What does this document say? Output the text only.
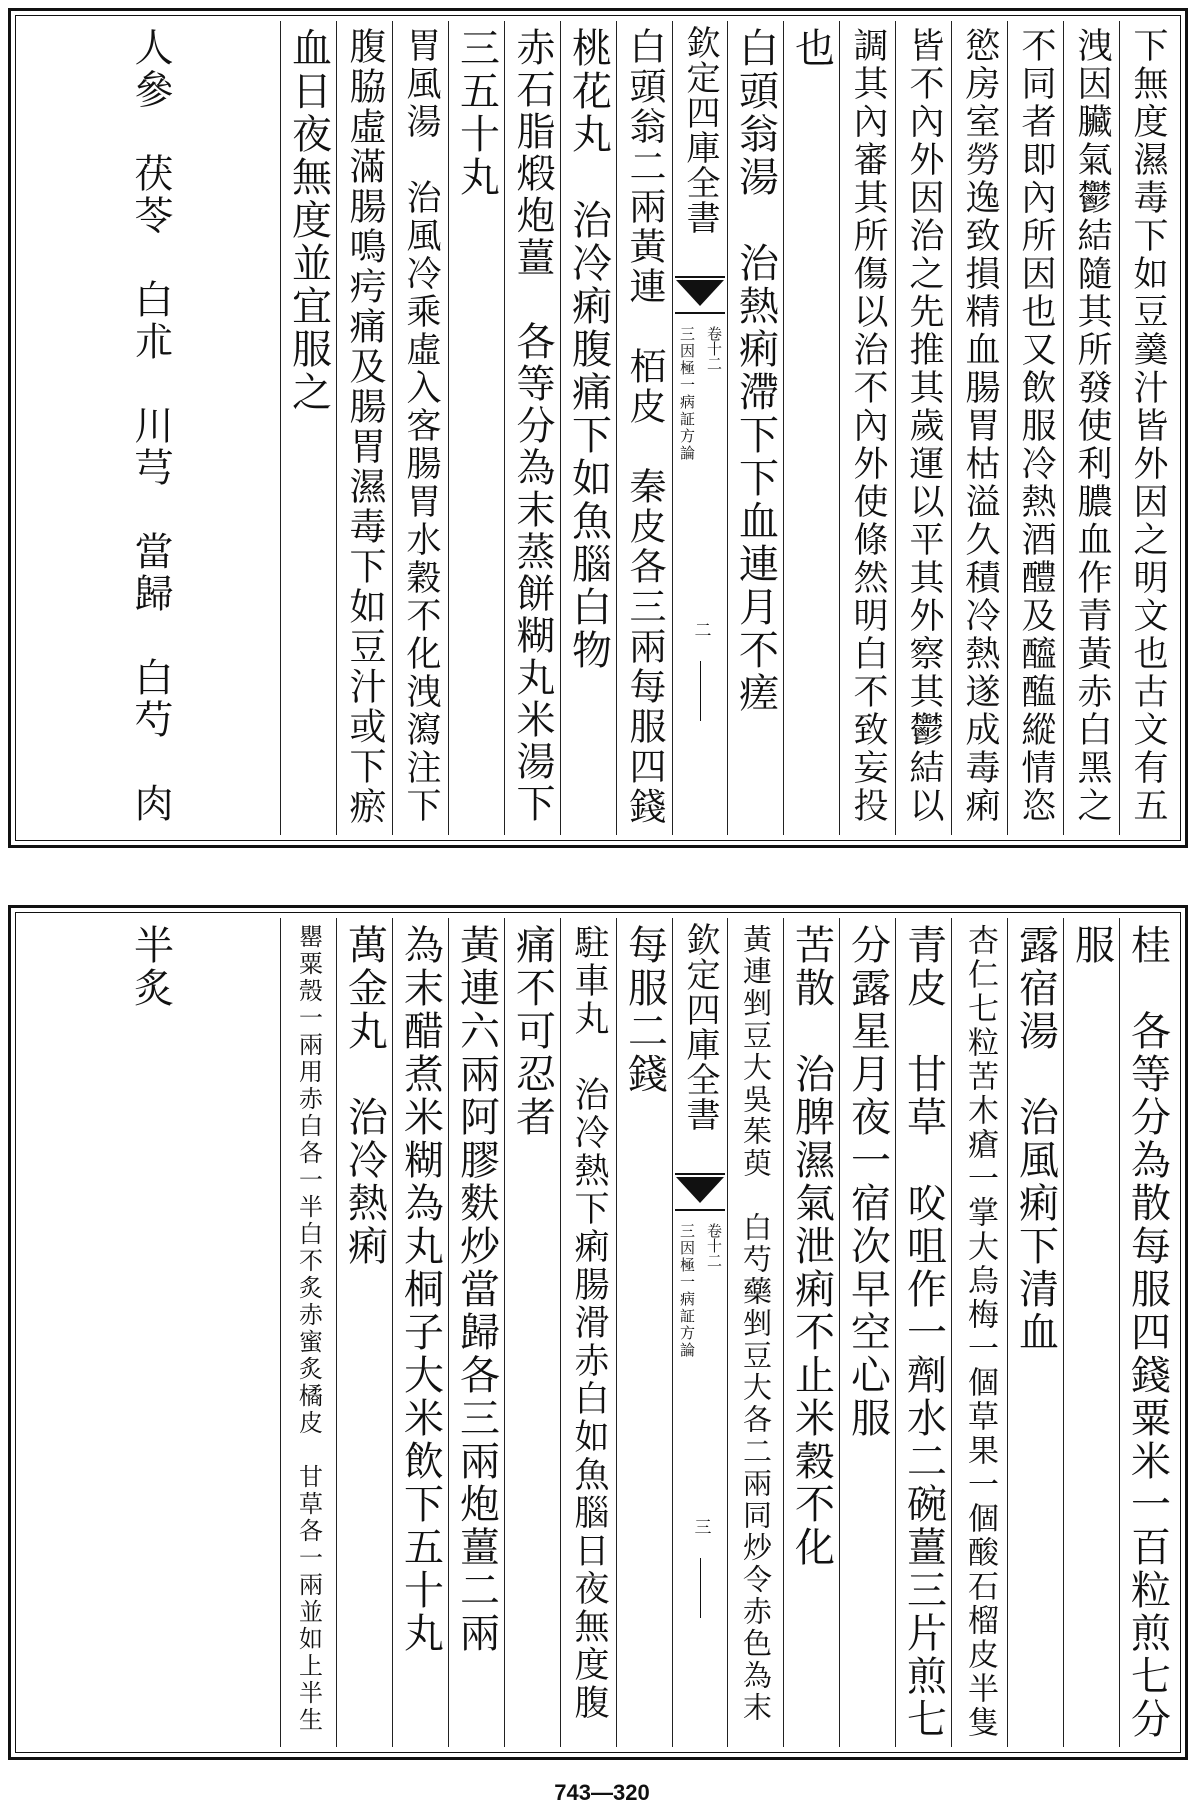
下無度濕毒下如豆羹汁皆外因之明文也古文有五
洩因臟氣鬱結隨其所發使利膿血作青黃赤白黑之
不同者即內所因也又飲服冷熱酒醴及醯醢縱情恣
慾房室勞逸致損精血腸胃枯溢久積冷熱遂成毒痢
皆不內外因治之先推其歲運以平其外察其鬱結以
調其內審其所傷以治不內外使條然明白不致妄投
也
白頭翁湯　治熱痢滯下下血連月不瘥
欽定四庫全書
三因極一病証方論 卷十二
二
白頭翁二兩黃連　栢皮　秦皮各三兩每服四錢
桃花丸　治冷痢腹痛下如魚腦白物
赤石脂煅炮薑　各等分為末蒸餅糊丸米湯下
三五十丸
胃風湯　治風冷乘虛入客腸胃水穀不化洩瀉注下
腹脇虛滿腸鳴疞痛及腸胃濕毒下如豆汁或下瘀
血日夜無度並宜服之
人參　茯苓　白朮　川芎　當歸　白芍　肉
桂　各等分為散每服四錢粟米一百粒煎七分
服
露宿湯　治風痢下清血
杏仁七粒苦木瘡一掌大烏梅一個草果一個酸石榴皮半隻
青皮　甘草　㕮咀作一劑水二碗薑三片煎七
分露星月夜一宿次早空心服
苦散　治脾濕氣泄痢不止米穀不化
黃連剉豆大吳茱萸　白芍藥剉豆大各二兩同炒令赤色為末
欽定四庫全書
三因極一病証方論 卷十二
三
每服二錢
駐車丸　治冷熱下痢腸滑赤白如魚腦日夜無度腹
痛不可忍者
黃連六兩阿膠麩炒當歸各三兩炮薑二兩
為末醋煮米糊為丸桐子大米飲下五十丸
萬金丸　治冷熱痢
罌粟殼一兩用赤白各一半白不炙赤蜜炙橘皮　甘草各一兩並如上半生
半炙
743—320
